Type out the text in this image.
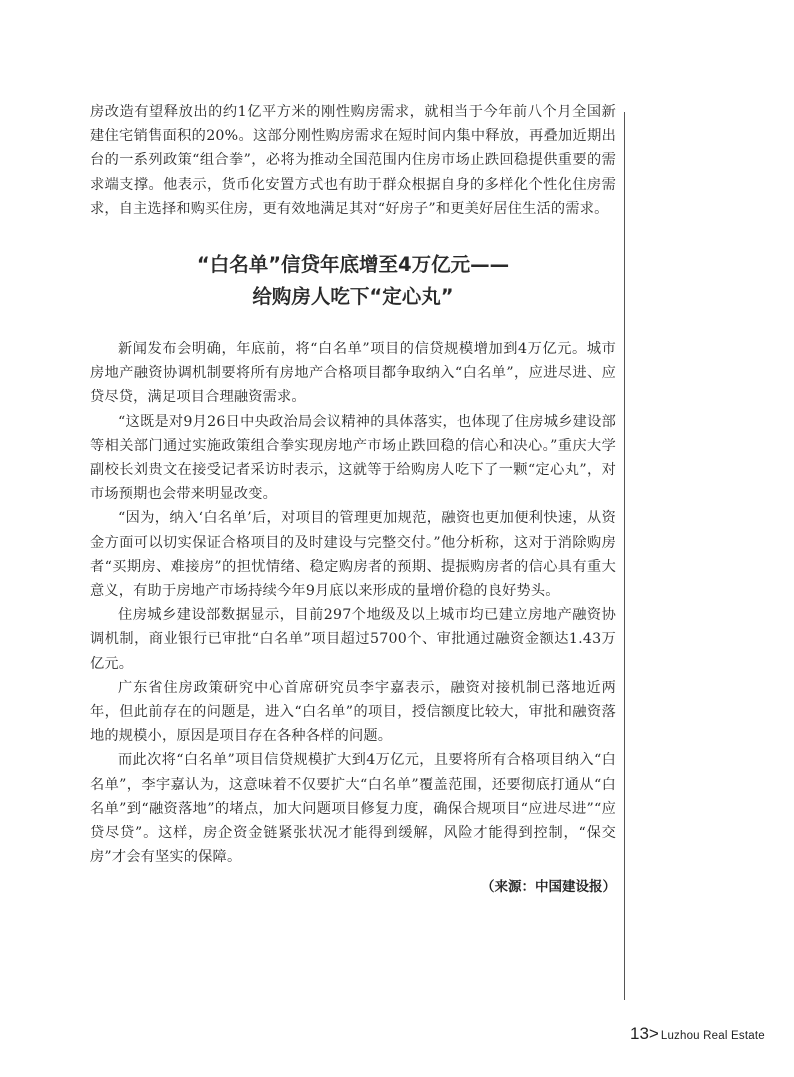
房改造有望释放出的约1亿平方米的刚性购房需求，就相当于今年前八个月全国新建住宅销售面积的20%。这部分刚性购房需求在短时间内集中释放，再叠加近期出台的一系列政策“组合拳”，必将为推动全国范围内住房市场止跌回稳提供重要的需求端支撑。他表示，货币化安置方式也有助于群众根据自身的多样化个性化住房需求，自主选择和购买住房，更有效地满足其对“好房子”和更美好居住生活的需求。

“白名单”信贷年底增至4万亿元——
给购房人吃下“定心丸”

新闻发布会明确，年底前，将“白名单”项目的信贷规模增加到4万亿元。城市房地产融资协调机制要将所有房地产合格项目都争取纳入“白名单”，应进尽进、应贷尽贷，满足项目合理融资需求。

“这既是对9月26日中央政治局会议精神的具体落实，也体现了住房城乡建设部等相关部门通过实施政策组合拳实现房地产市场止跌回稳的信心和决心。”重庆大学副校长刘贵文在接受记者采访时表示，这就等于给购房人吃下了一颗“定心丸”，对市场预期也会带来明显改变。

“因为，纳入‘白名单’后，对项目的管理更加规范，融资也更加便利快速，从资金方面可以切实保证合格项目的及时建设与完整交付。”他分析称，这对于消除购房者“买期房、难接房”的担忧情绪、稳定购房者的预期、提振购房者的信心具有重大意义，有助于房地产市场持续今年9月底以来形成的量增价稳的良好势头。

住房城乡建设部数据显示，目前297个地级及以上城市均已建立房地产融资协调机制，商业银行已审批“白名单”项目超过5700个、审批通过融资金额达1.43万亿元。

广东省住房政策研究中心首席研究员李宇嘉表示，融资对接机制已落地近两年，但此前存在的问题是，进入“白名单”的项目，授信额度比较大，审批和融资落地的规模小，原因是项目存在各种各样的问题。

而此次将“白名单”项目信贷规模扩大到4万亿元，且要将所有合格项目纳入“白名单”，李宇嘉认为，这意味着不仅要扩大“白名单”覆盖范围，还要彻底打通从“白名单”到“融资落地”的堵点，加大问题项目修复力度，确保合规项目“应进尽进”“应贷尽贷”。这样，房企资金链紧张状况才能得到缓解，风险才能得到控制，“保交房”才会有坚实的保障。

（来源：中国建设报）
13> Luzhou Real Estate
